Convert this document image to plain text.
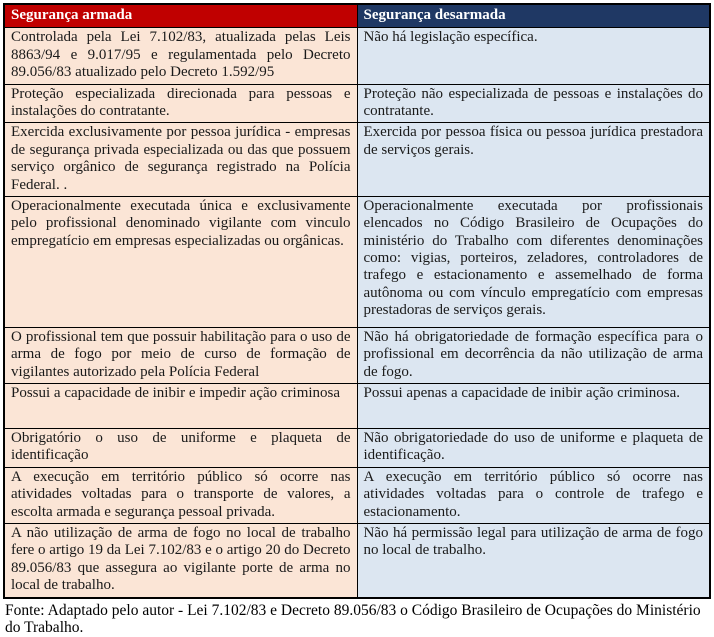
Segurança armada	Segurança desarmada
Controlada pela Lei 7.102/83, atualizada pelas Leis 8863/94 e 9.017/95 e regulamentada pelo Decreto 89.056/83 atualizado pelo Decreto 1.592/95	Não há legislação específica.
Proteção especializada direcionada para pessoas e instalações do contratante.	Proteção não especializada de pessoas e instalações do contratante.
Exercida exclusivamente por pessoa jurídica - empresas de segurança privada especializada ou das que possuem serviço orgânico de segurança registrado na Polícia Federal. .	Exercida por pessoa física ou pessoa jurídica prestadora de serviços gerais.
Operacionalmente executada única e exclusivamente pelo profissional denominado vigilante com vinculo empregatício em empresas especializadas ou orgânicas.	Operacionalmente executada por profissionais elencados no Código Brasileiro de Ocupações do ministério do Trabalho com diferentes denominações como: vigias, porteiros, zeladores, controladores de trafego e estacionamento e assemelhado de forma autônoma ou com vínculo empregatício com empresas prestadoras de serviços gerais.
O profissional tem que possuir habilitação para o uso de arma de fogo por meio de curso de formação de vigilantes autorizado pela Polícia Federal	Não há obrigatoriedade de formação específica para o profissional em decorrência da não utilização de arma de fogo.
Possui a capacidade de inibir e impedir ação criminosa	Possui apenas a capacidade de inibir ação criminosa.
Obrigatório o uso de uniforme e plaqueta de identificação	Não obrigatoriedade do uso de uniforme e plaqueta de identificação.
A execução em território público só ocorre nas atividades voltadas para o transporte de valores, a escolta armada e segurança pessoal privada.	A execução em território público só ocorre nas atividades voltadas para o controle de trafego e estacionamento.
A não utilização de arma de fogo no local de trabalho fere o artigo 19 da Lei 7.102/83 e o artigo 20 do Decreto 89.056/83 que assegura ao vigilante porte de arma no local de trabalho.	Não há permissão legal para utilização de arma de fogo no local de trabalho.

Fonte: Adaptado pelo autor - Lei 7.102/83 e Decreto 89.056/83 o Código Brasileiro de Ocupações do Ministério do Trabalho.
